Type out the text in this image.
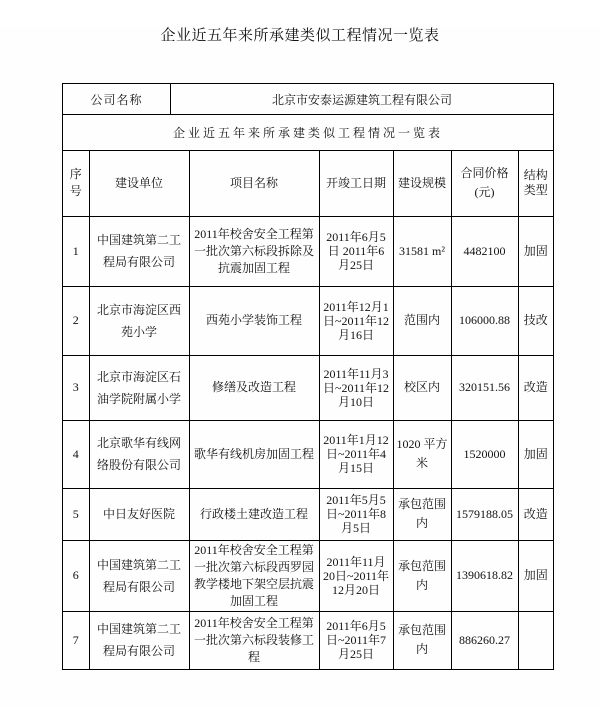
企业近五年来所承建类似工程情况一览表
公司名称	北京市安泰运源建筑工程有限公司
企业近五年来所承建类似工程情况一览表
序号	建设单位	项目名称	开竣工日期	建设规模	合同价格(元)	结构类型
1	中国建筑第二工程局有限公司	2011年校舍安全工程第一批次第六标段拆除及抗震加固工程	2011年6月5日 2011年6月25日	31581 m²	4482100	加固
2	北京市海淀区西苑小学	西苑小学装饰工程	2011年12月1日~2011年12月16日	范围内	106000.88	技改
3	北京市海淀区石油学院附属小学	修缮及改造工程	2011年11月3日~2011年12月10日	校区内	320151.56	改造
4	北京歌华有线网络股份有限公司	歌华有线机房加固工程	2011年1月12日~2011年4月15日	1020 平方米	1520000	加固
5	中日友好医院	行政楼土建改造工程	2011年5月5日~2011年8月5日	承包范围内	1579188.05	改造
6	中国建筑第二工程局有限公司	2011年校舍安全工程第一批次第六标段西罗园教学楼地下架空层抗震加固工程	2011年11月20日~2011年12月20日	承包范围内	1390618.82	加固
7	中国建筑第二工程局有限公司	2011年校舍安全工程第一批次第六标段装修工程	2011年6月5日~2011年7月25日	承包范围内	886260.27	
